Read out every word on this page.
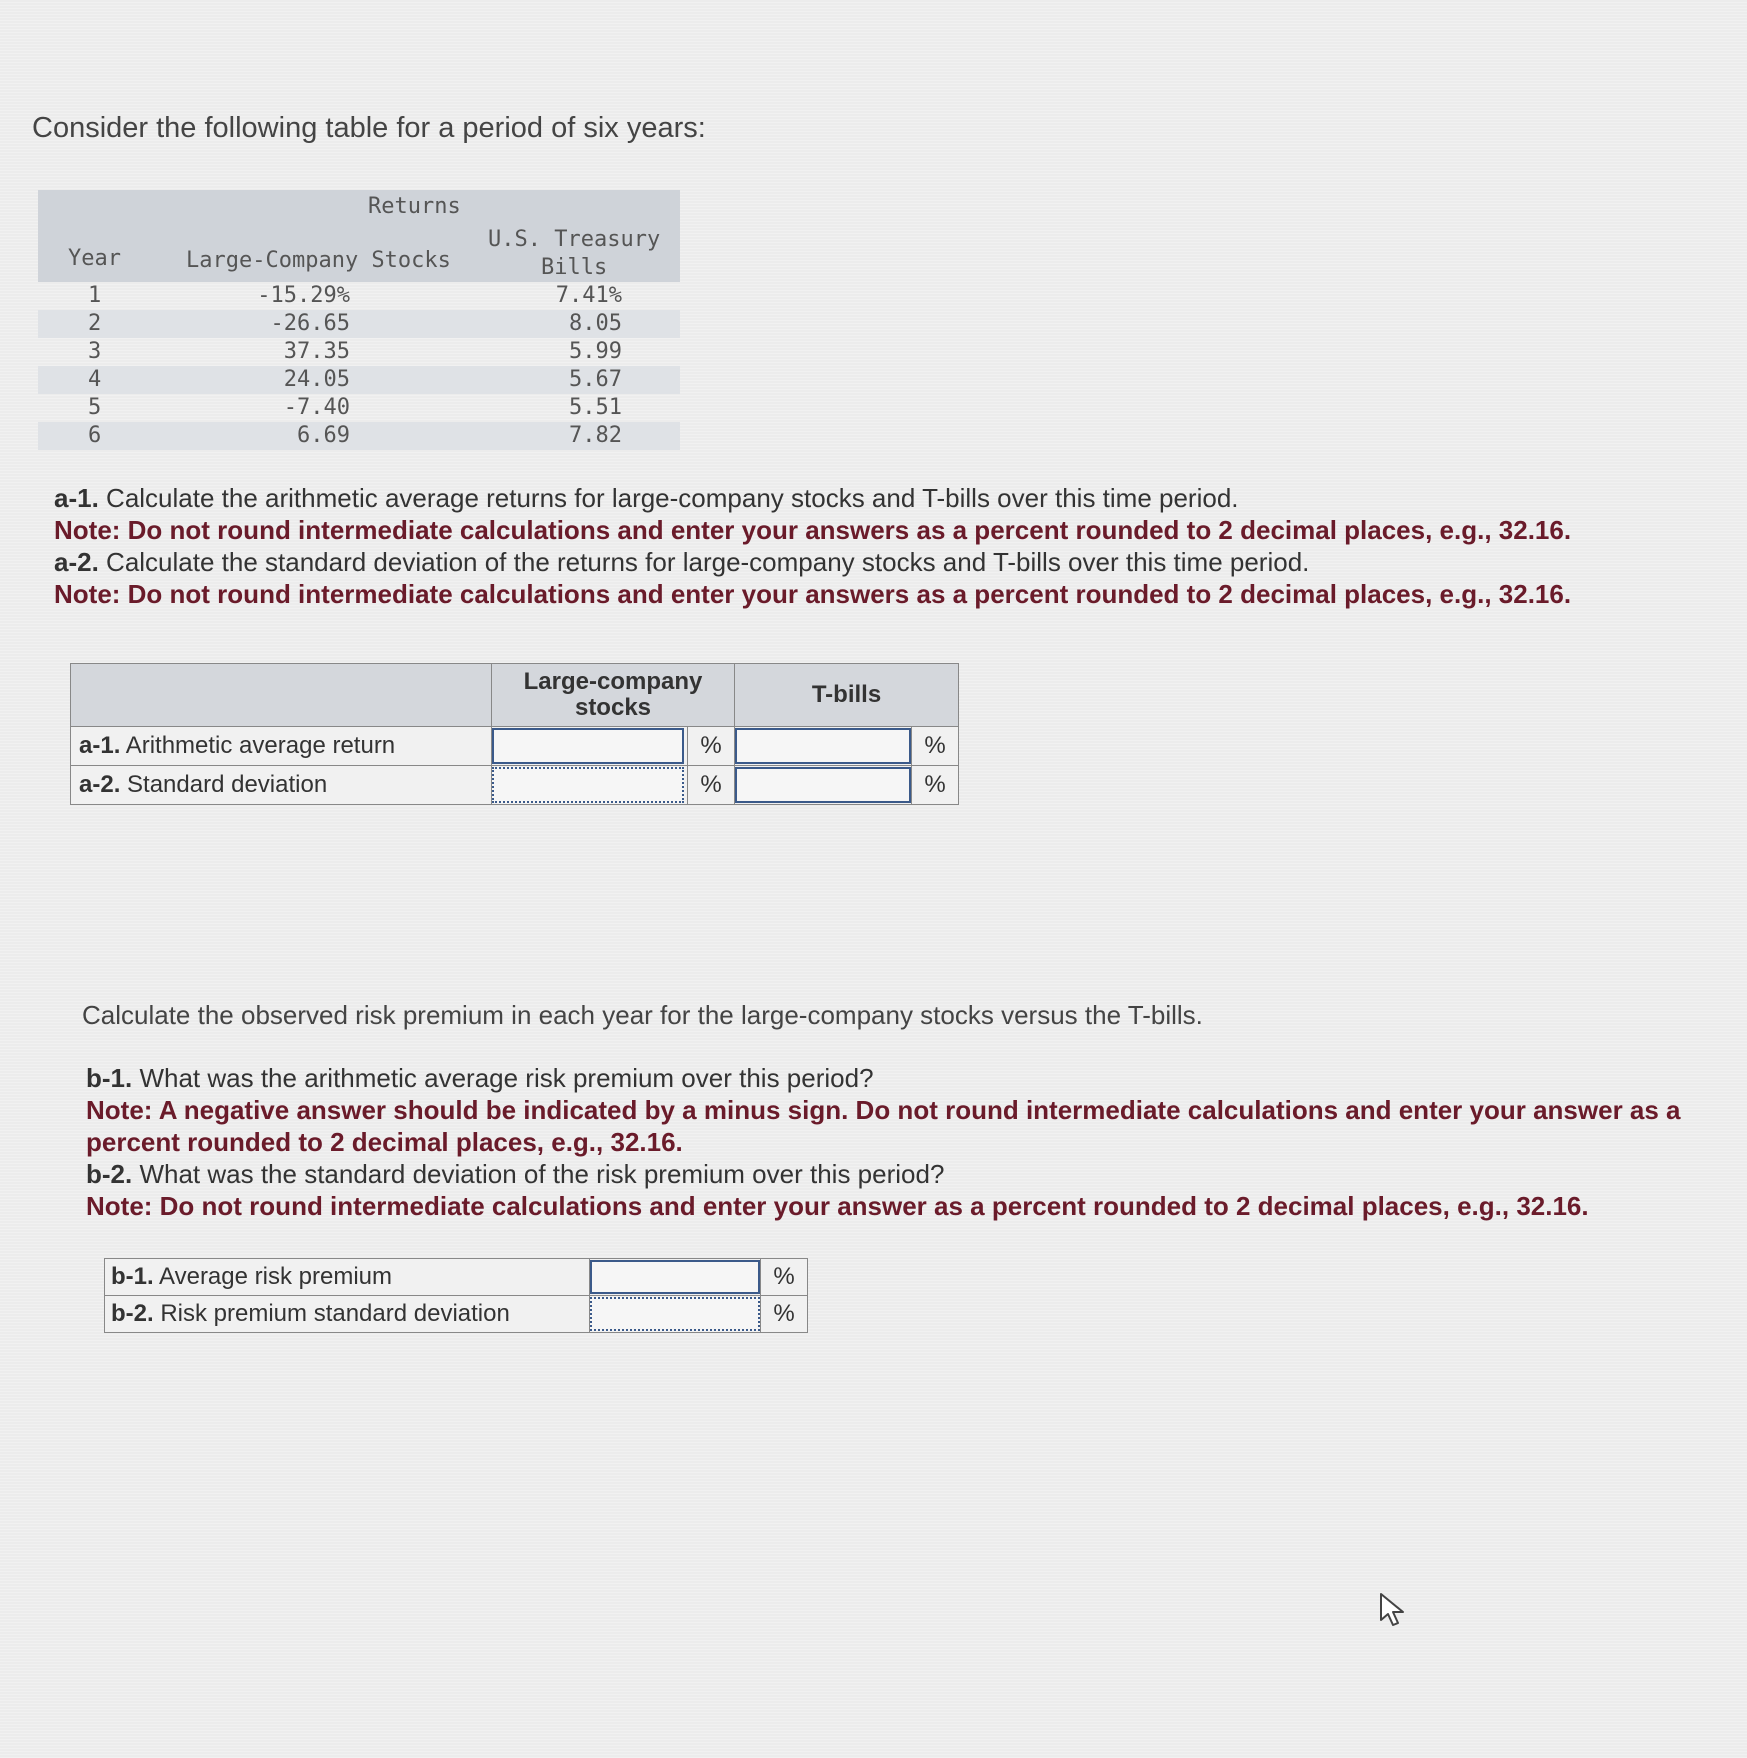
Consider the following table for a period of six years:
Returns
Year	Large-Company Stocks
U.S. Treasury
Bills
1	-15.29%	7.41%
2	-26.65	8.05
3	37.35	5.99
4	24.05	5.67
5	-7.40	5.51
6	6.69	7.82
a-1. Calculate the arithmetic average returns for large-company stocks and T-bills over this time period.
Note: Do not round intermediate calculations and enter your answers as a percent rounded to 2 decimal places, e.g., 32.16.
a-2. Calculate the standard deviation of the returns for large-company stocks and T-bills over this time period.
Note: Do not round intermediate calculations and enter your answers as a percent rounded to 2 decimal places, e.g., 32.16.
	Large-company
stocks		T-bills	
a-1. Arithmetic average return		%		%
a-2. Standard deviation		%		%
Calculate the observed risk premium in each year for the large-company stocks versus the T-bills.
b-1. What was the arithmetic average risk premium over this period?
Note: A negative answer should be indicated by a minus sign. Do not round intermediate calculations and enter your answer as a percent rounded to 2 decimal places, e.g., 32.16.
b-2. What was the standard deviation of the risk premium over this period?
Note: Do not round intermediate calculations and enter your answer as a percent rounded to 2 decimal places, e.g., 32.16.
b-1. Average risk premium		%
b-2. Risk premium standard deviation		%
